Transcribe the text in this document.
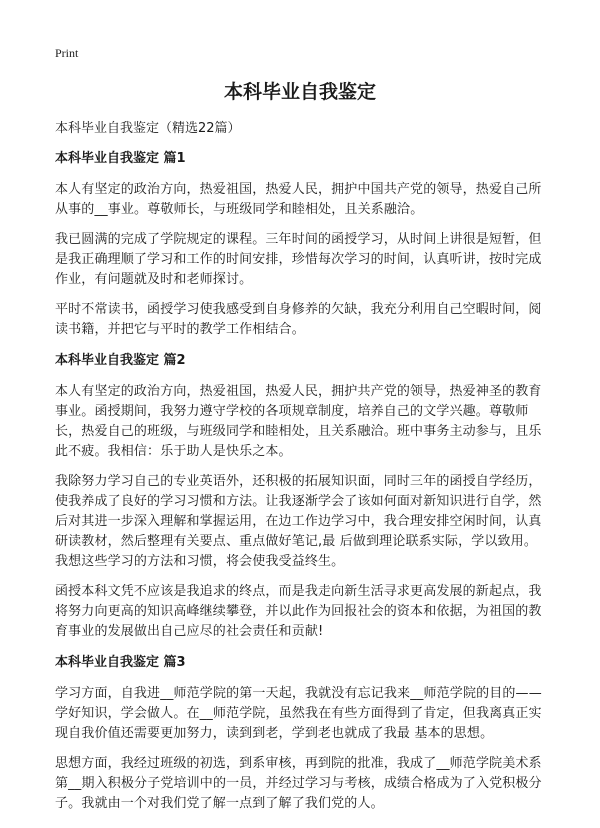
Print
本科毕业自我鉴定
本科毕业自我鉴定（精选22篇）
本科毕业自我鉴定 篇1

本人有坚定的政治方向，热爱祖国，热爱人民，拥护中国共产党的领导，热爱自己所从事的__事业。尊敬师长，与班级同学和睦相处，且关系融洽。

我已圆满的完成了学院规定的课程。三年时间的函授学习，从时间上讲很是短暂，但是我正确理顺了学习和工作的时间安排，珍惜每次学习的时间，认真听讲，按时完成作业，有问题就及时和老师探讨。

平时不常读书，函授学习使我感受到自身修养的欠缺，我充分利用自己空暇时间，阅读书籍，并把它与平时的教学工作相结合。

本科毕业自我鉴定 篇2

本人有坚定的政治方向，热爱祖国，热爱人民，拥护共产党的领导，热爱神圣的教育事业。函授期间，我努力遵守学校的各项规章制度，培养自己的文学兴趣。尊敬师长，热爱自己的班级，与班级同学和睦相处，且关系融洽。班中事务主动参与，且乐此不疲。我相信：乐于助人是快乐之本。

我除努力学习自己的专业英语外，还积极的拓展知识面，同时三年的函授自学经历，使我养成了良好的学习习惯和方法。让我逐渐学会了该如何面对新知识进行自学，然后对其进一步深入理解和掌握运用，在边工作边学习中，我合理安排空闲时间，认真研读教材，然后整理有关要点、重点做好笔记,最 后做到理论联系实际，学以致用。我想这些学习的方法和习惯，将会使我受益终生。

函授本科文凭不应该是我追求的终点，而是我走向新生活寻求更高发展的新起点，我将努力向更高的知识高峰继续攀登，并以此作为回报社会的资本和依据，为祖国的教育事业的发展做出自己应尽的社会责任和贡献!

本科毕业自我鉴定 篇3

学习方面，自我进__师范学院的第一天起，我就没有忘记我来__师范学院的目的——学好知识，学会做人。在__师范学院，虽然我在有些方面得到了肯定，但我离真正实现自我价值还需要更加努力，读到到老，学到老也就成了我最 基本的思想。

思想方面，我经过班级的初选，到系审核，再到院的批准，我成了__师范学院美术系第__期入积极分子党培训中的一员，并经过学习与考核，成绩合格成为了入党积极分子。我就由一个对我们党了解一点到了解了我们党的人。
